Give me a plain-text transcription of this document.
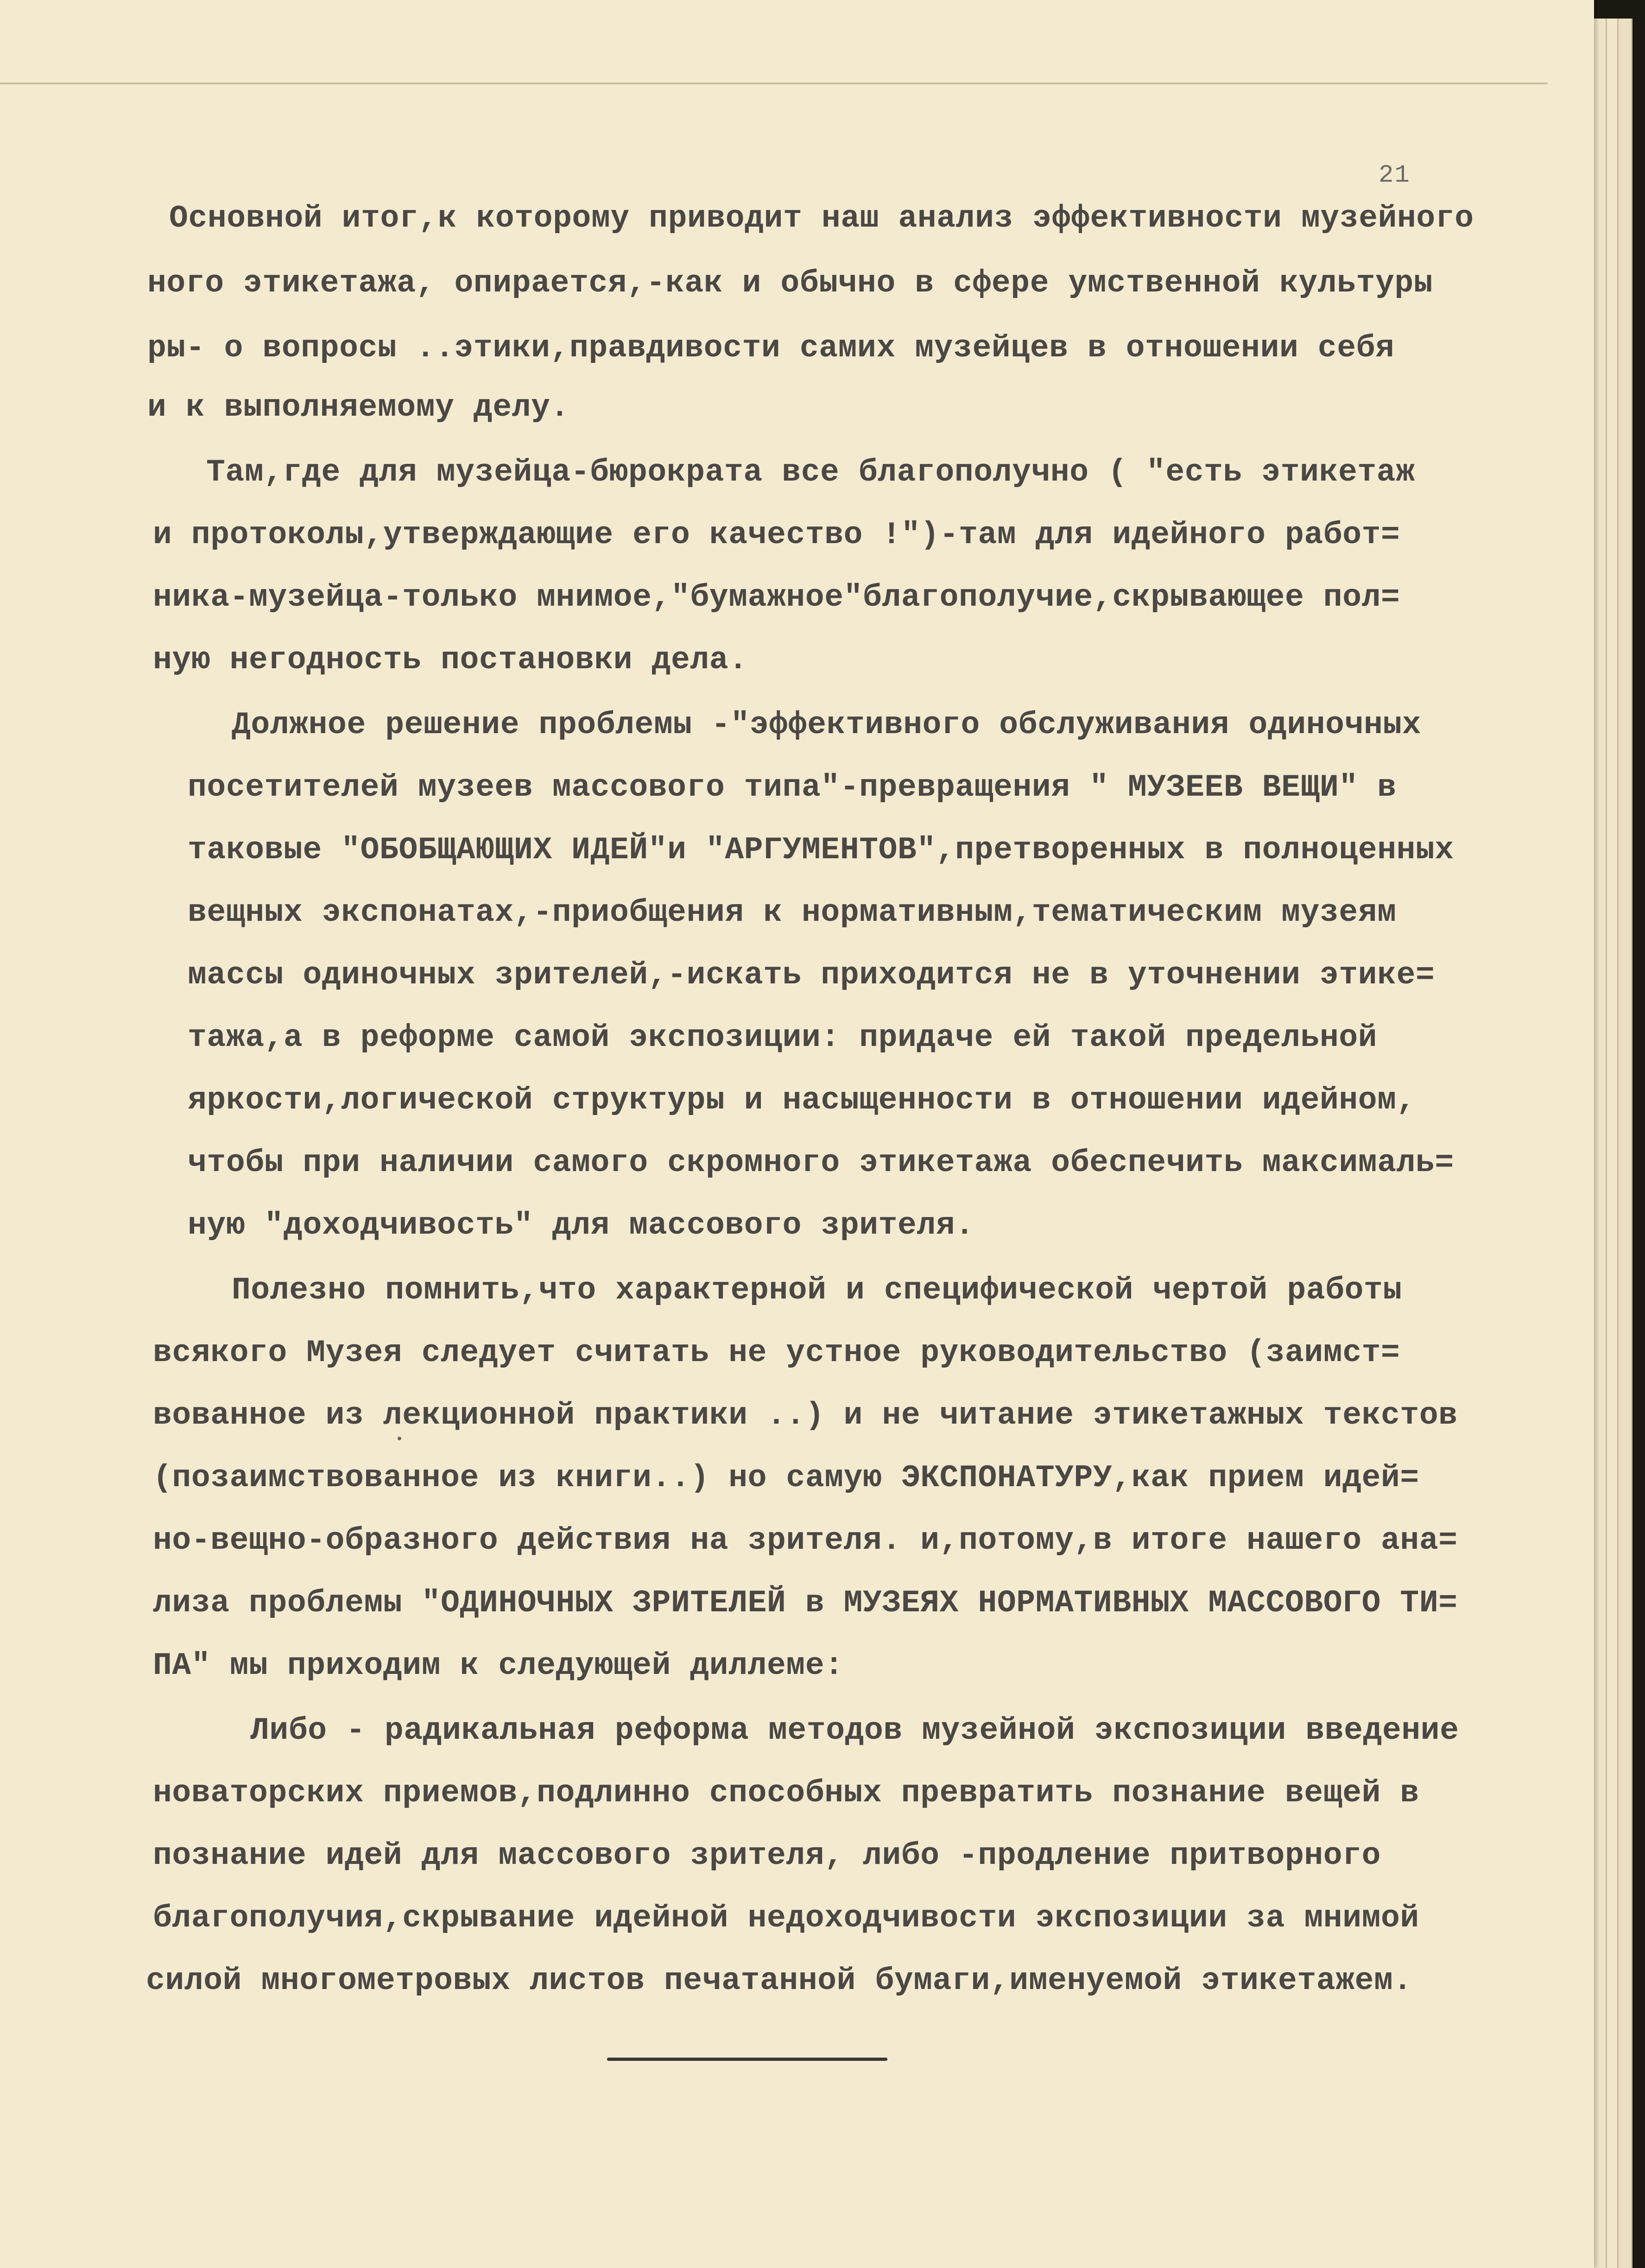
21
Основной итог,к которому приводит наш анализ эффективности музейного
ного этикетажа, опирается,-как и обычно в сфере умственной культуры
ры- о вопросы ..этики,правдивости самих музейцев в отношении себя
и к выполняемому делу.
Там,где для музейца-бюрократа все благополучно ( "есть этикетаж
и протоколы,утверждающие его качество !")-там для идейного работ=
ника-музейца-только мнимое,"бумажное"благополучие,скрывающее пол=
ную негодность постановки дела.
Должное решение проблемы -"эффективного обслуживания одиночных
посетителей музеев массового типа"-превращения " МУЗЕЕВ ВЕЩИ" в
таковые "ОБОБЩАЮЩИХ ИДЕЙ"и "АРГУМЕНТОВ",претворенных в полноценных
вещных экспонатах,-приобщения к нормативным,тематическим музеям
массы одиночных зрителей,-искать приходится не в уточнении этике=
тажа,а в реформе самой экспозиции: придаче ей такой предельной
яркости,логической структуры и насыщенности в отношении идейном,
чтобы при наличии самого скромного этикетажа обеспечить максималь=
ную "доходчивость" для массового зрителя.
Полезно помнить,что характерной и специфической чертой работы
всякого Музея следует считать не устное руководительство (заимст=
вованное из лекционной практики ..) и не читание этикетажных текстов
(позаимствованное из книги..) но самую ЭКСПОНАТУРУ,как прием идей=
но-вещно-образного действия на зрителя. и,потому,в итоге нашего ана=
лиза проблемы "ОДИНОЧНЫХ ЗРИТЕЛЕЙ в МУЗЕЯХ НОРМАТИВНЫХ МАССОВОГО ТИ=
ПА" мы приходим к следующей диллеме:
Либо - радикальная реформа методов музейной экспозиции введение
новаторских приемов,подлинно способных превратить познание вещей в
познание идей для массового зрителя, либо -продление притворного
благополучия,скрывание идейной недоходчивости экспозиции за мнимой
силой многометровых листов печатанной бумаги,именуемой этикетажем.
